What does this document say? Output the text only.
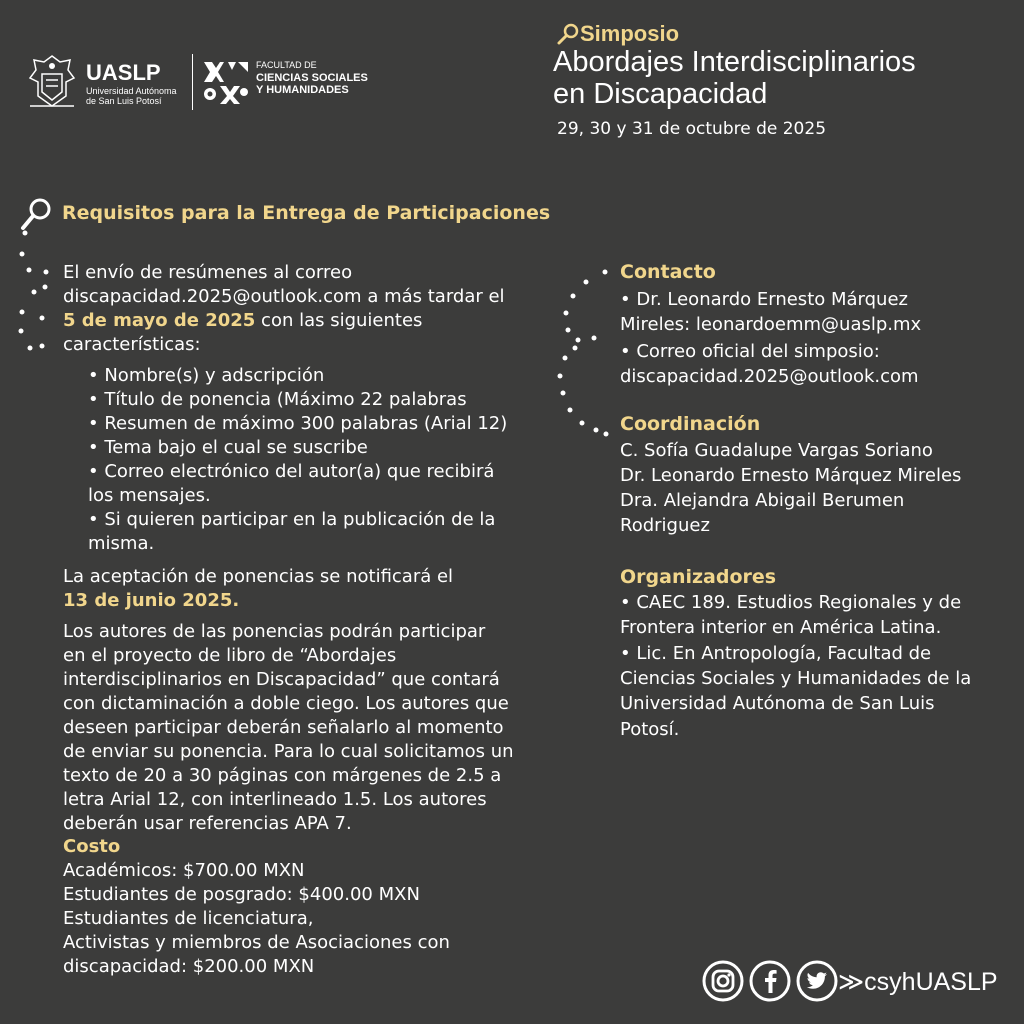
UASLP
Universidad Autónoma
de San Luis Potosí
FACULTAD DE
CIENCIAS SOCIALES
Y HUMANIDADES
Simposio
Abordajes Interdisciplinarios
en Discapacidad
29, 30 y 31 de octubre de 2025
Requisitos para la Entrega de Participaciones
El envío de resúmenes al correo
discapacidad.2025@outlook.com a más tardar el
5 de mayo de 2025 con las siguientes
características:
• Nombre(s) y adscripción
• Título de ponencia (Máximo 22 palabras
• Resumen de máximo 300 palabras (Arial 12)
• Tema bajo el cual se suscribe
• Correo electrónico del autor(a) que recibirá
los mensajes.
• Si quieren participar en la publicación de la
misma.
La aceptación de ponencias se notificará el
13 de junio 2025.
Los autores de las ponencias podrán participar
en el proyecto de libro de “Abordajes
interdisciplinarios en Discapacidad” que contará
con dictaminación a doble ciego. Los autores que
deseen participar deberán señalarlo al momento
de enviar su ponencia. Para lo cual solicitamos un
texto de 20 a 30 páginas con márgenes de 2.5 a
letra Arial 12, con interlineado 1.5. Los autores
deberán usar referencias APA 7.
Costo
Académicos: $700.00 MXN
Estudiantes de posgrado: $400.00 MXN
Estudiantes de licenciatura,
Activistas y miembros de Asociaciones con
discapacidad: $200.00 MXN
Contacto
• Dr. Leonardo Ernesto Márquez
Mireles: leonardoemm@uaslp.mx
• Correo oficial del simposio:
discapacidad.2025@outlook.com
Coordinación
C. Sofía Guadalupe Vargas Soriano
Dr. Leonardo Ernesto Márquez Mireles
Dra. Alejandra Abigail Berumen
Rodriguez
Organizadores
• CAEC 189. Estudios Regionales y de
Frontera interior en América Latina.
• Lic. En Antropología, Facultad de
Ciencias Sociales y Humanidades de la
Universidad Autónoma de San Luis
Potosí.
≫csyhUASLP
